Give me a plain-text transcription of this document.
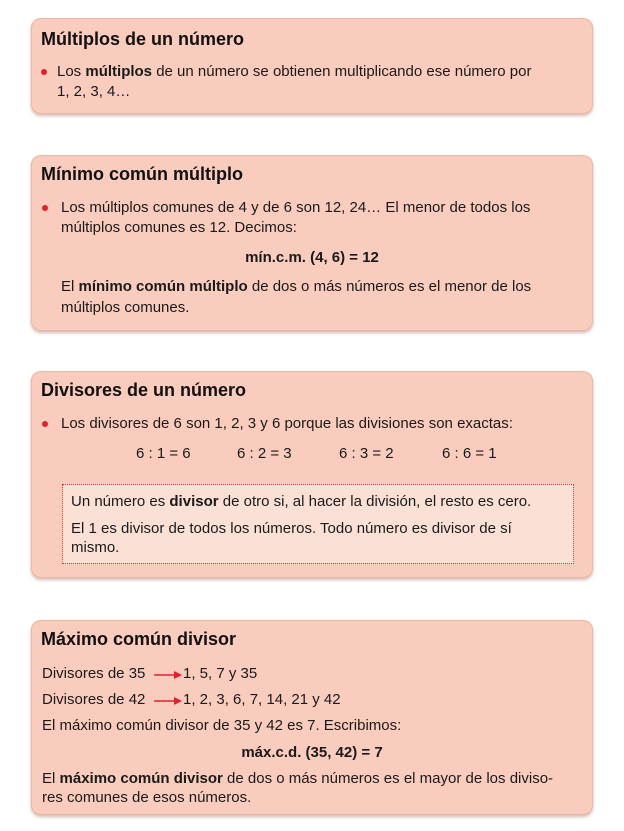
Múltiplos de un número

Los múltiplos de un número se obtienen multiplicando ese número por

1, 2, 3, 4…

Mínimo común múltiplo

Los múltiplos comunes de 4 y de 6 son 12, 24… El menor de todos los

múltiplos comunes es 12. Decimos:

mín.c.m. (4, 6) = 12

El mínimo común múltiplo de dos o más números es el menor de los

múltiplos comunes.

Divisores de un número

Los divisores de 6 son 1, 2, 3 y 6 porque las divisiones son exactas:

6 : 1 = 6	6 : 2 = 3	6 : 3 = 2	6 : 6 = 1

Un número es divisor de otro si, al hacer la división, el resto es cero.

El 1 es divisor de todos los números. Todo número es divisor de sí

mismo.

Máximo común divisor

Divisores de 35	1, 5, 7 y 35

Divisores de 42	1, 2, 3, 6, 7, 14, 21 y 42

El máximo común divisor de 35 y 42 es 7. Escribimos:

máx.c.d. (35, 42) = 7

El máximo común divisor de dos o más números es el mayor de los diviso-

res comunes de esos números.
